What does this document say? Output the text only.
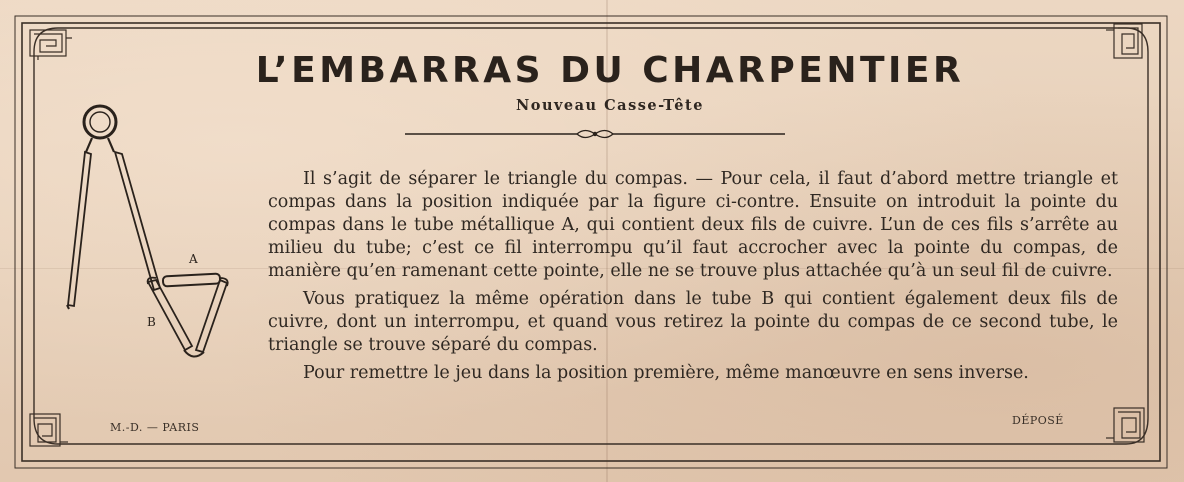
L’EMBARRAS DU CHARPENTIER
Nouveau Casse-Tête
A
B

Il s’agit de séparer le triangle du compas. — Pour cela, il faut d’abord mettre triangle et compas dans la position indiquée par la figure ci-contre. Ensuite on introduit la pointe du compas dans le tube métallique A, qui contient deux fils de cuivre. L’un de ces fils s’arrête au milieu du tube; c’est ce fil interrompu qu’il faut accrocher avec la pointe du compas, de manière qu’en ramenant cette pointe, elle ne se trouve plus attachée qu’à un seul fil de cuivre.

Vous pratiquez la même opération dans le tube B qui contient également deux fils de cuivre, dont un interrompu, et quand vous retirez la pointe du compas de ce second tube, le triangle se trouve séparé du compas.

Pour remettre le jeu dans la position première, même manœuvre en sens inverse.

M.-D. — PARIS
DÉPOSÉ
